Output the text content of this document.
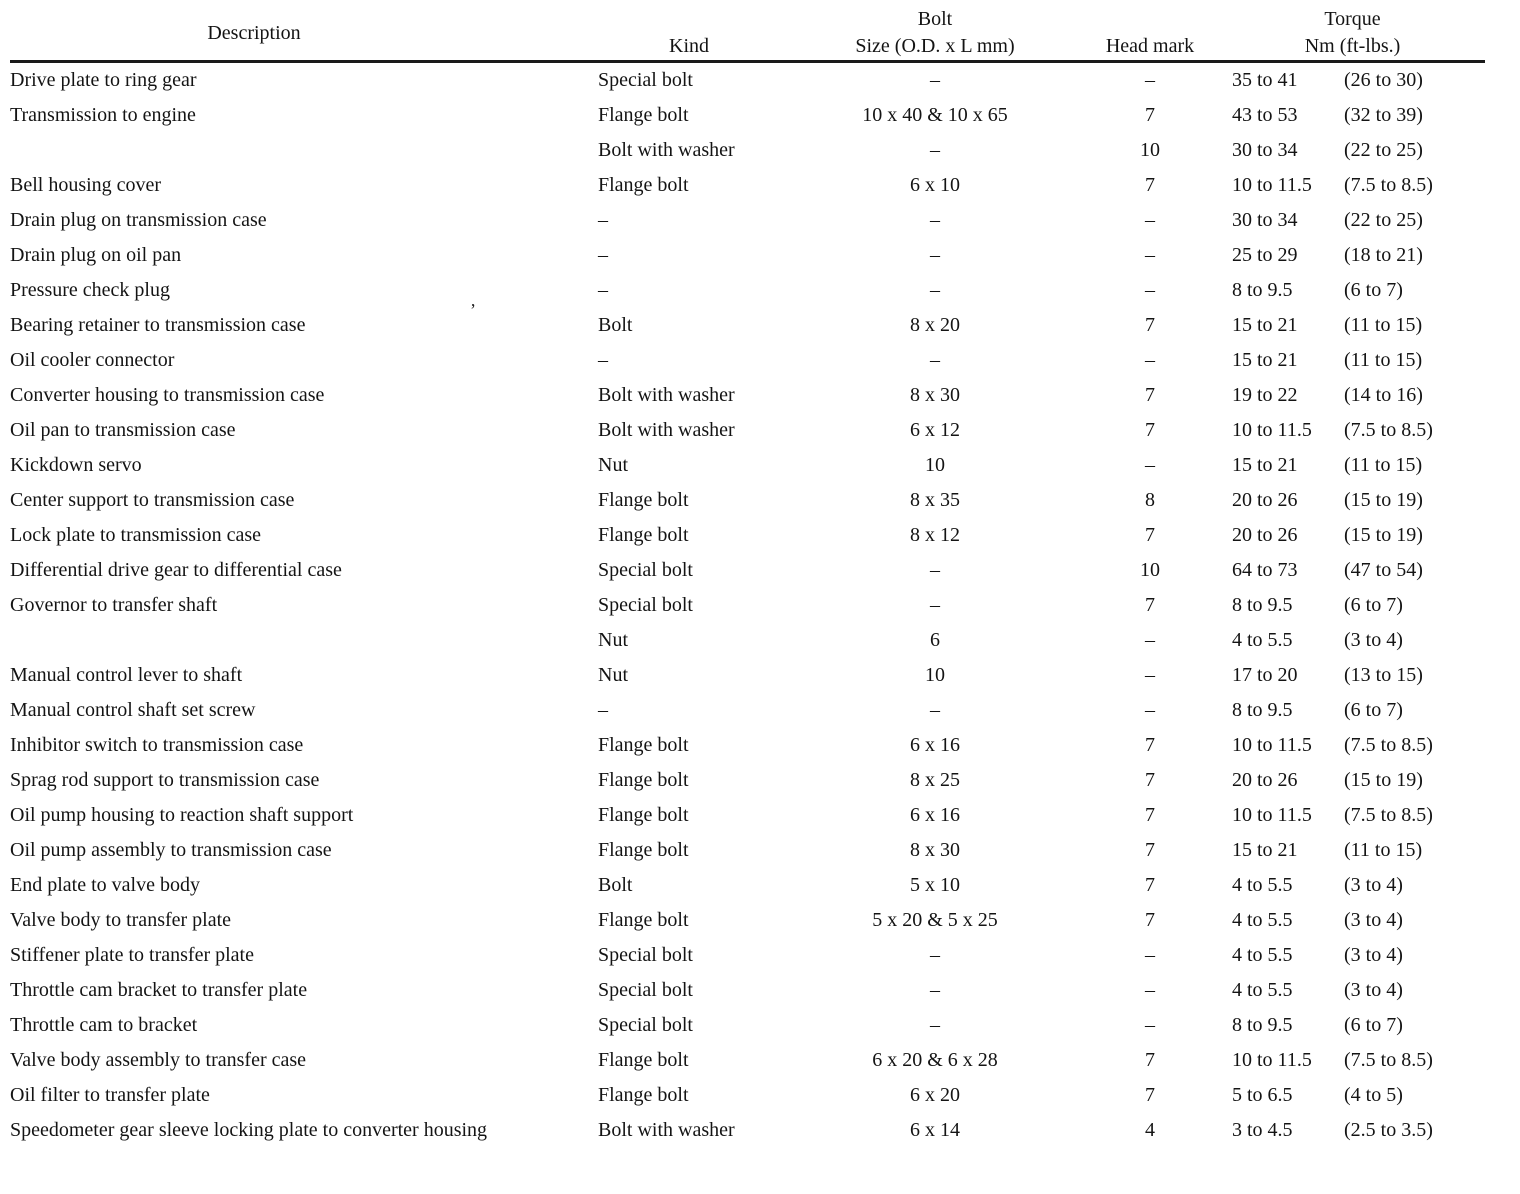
Description		Bolt		Torque
	Kind	Size (O.D. x L mm)	Head mark	Nm (ft-lbs.)
Drive plate to ring gear	Special bolt	–	–	35 to 41 (26 to 30)
Transmission to engine	Flange bolt	10 x 40 & 10 x 65	7	43 to 53 (32 to 39)
	Bolt with washer	–	10	30 to 34 (22 to 25)
Bell housing cover	Flange bolt	6 x 10	7	10 to 11.5 (7.5 to 8.5)
Drain plug on transmission case	–	–	–	30 to 34 (22 to 25)
Drain plug on oil pan	–	–	–	25 to 29 (18 to 21)
Pressure check plug	–	–	–	8 to 9.5 (6 to 7)
Bearing retainer to transmission case	Bolt	8 x 20	7	15 to 21 (11 to 15)
Oil cooler connector	–	–	–	15 to 21 (11 to 15)
Converter housing to transmission case	Bolt with washer	8 x 30	7	19 to 22 (14 to 16)
Oil pan to transmission case	Bolt with washer	6 x 12	7	10 to 11.5 (7.5 to 8.5)
Kickdown servo	Nut	10	–	15 to 21 (11 to 15)
Center support to transmission case	Flange bolt	8 x 35	8	20 to 26 (15 to 19)
Lock plate to transmission case	Flange bolt	8 x 12	7	20 to 26 (15 to 19)
Differential drive gear to differential case	Special bolt	–	10	64 to 73 (47 to 54)
Governor to transfer shaft	Special bolt	–	7	8 to 9.5 (6 to 7)
	Nut	6	–	4 to 5.5 (3 to 4)
Manual control lever to shaft	Nut	10	–	17 to 20 (13 to 15)
Manual control shaft set screw	–	–	–	8 to 9.5 (6 to 7)
Inhibitor switch to transmission case	Flange bolt	6 x 16	7	10 to 11.5 (7.5 to 8.5)
Sprag rod support to transmission case	Flange bolt	8 x 25	7	20 to 26 (15 to 19)
Oil pump housing to reaction shaft support	Flange bolt	6 x 16	7	10 to 11.5 (7.5 to 8.5)
Oil pump assembly to transmission case	Flange bolt	8 x 30	7	15 to 21 (11 to 15)
End plate to valve body	Bolt	5 x 10	7	4 to 5.5 (3 to 4)
Valve body to transfer plate	Flange bolt	5 x 20 & 5 x 25	7	4 to 5.5 (3 to 4)
Stiffener plate to transfer plate	Special bolt	–	–	4 to 5.5 (3 to 4)
Throttle cam bracket to transfer plate	Special bolt	–	–	4 to 5.5 (3 to 4)
Throttle cam to bracket	Special bolt	–	–	8 to 9.5 (6 to 7)
Valve body assembly to transfer case	Flange bolt	6 x 20 & 6 x 28	7	10 to 11.5 (7.5 to 8.5)
Oil filter to transfer plate	Flange bolt	6 x 20	7	5 to 6.5 (4 to 5)
Speedometer gear sleeve locking plate to converter housing	Bolt with washer	6 x 14	4	3 to 4.5 (2.5 to 3.5)
ʼ
